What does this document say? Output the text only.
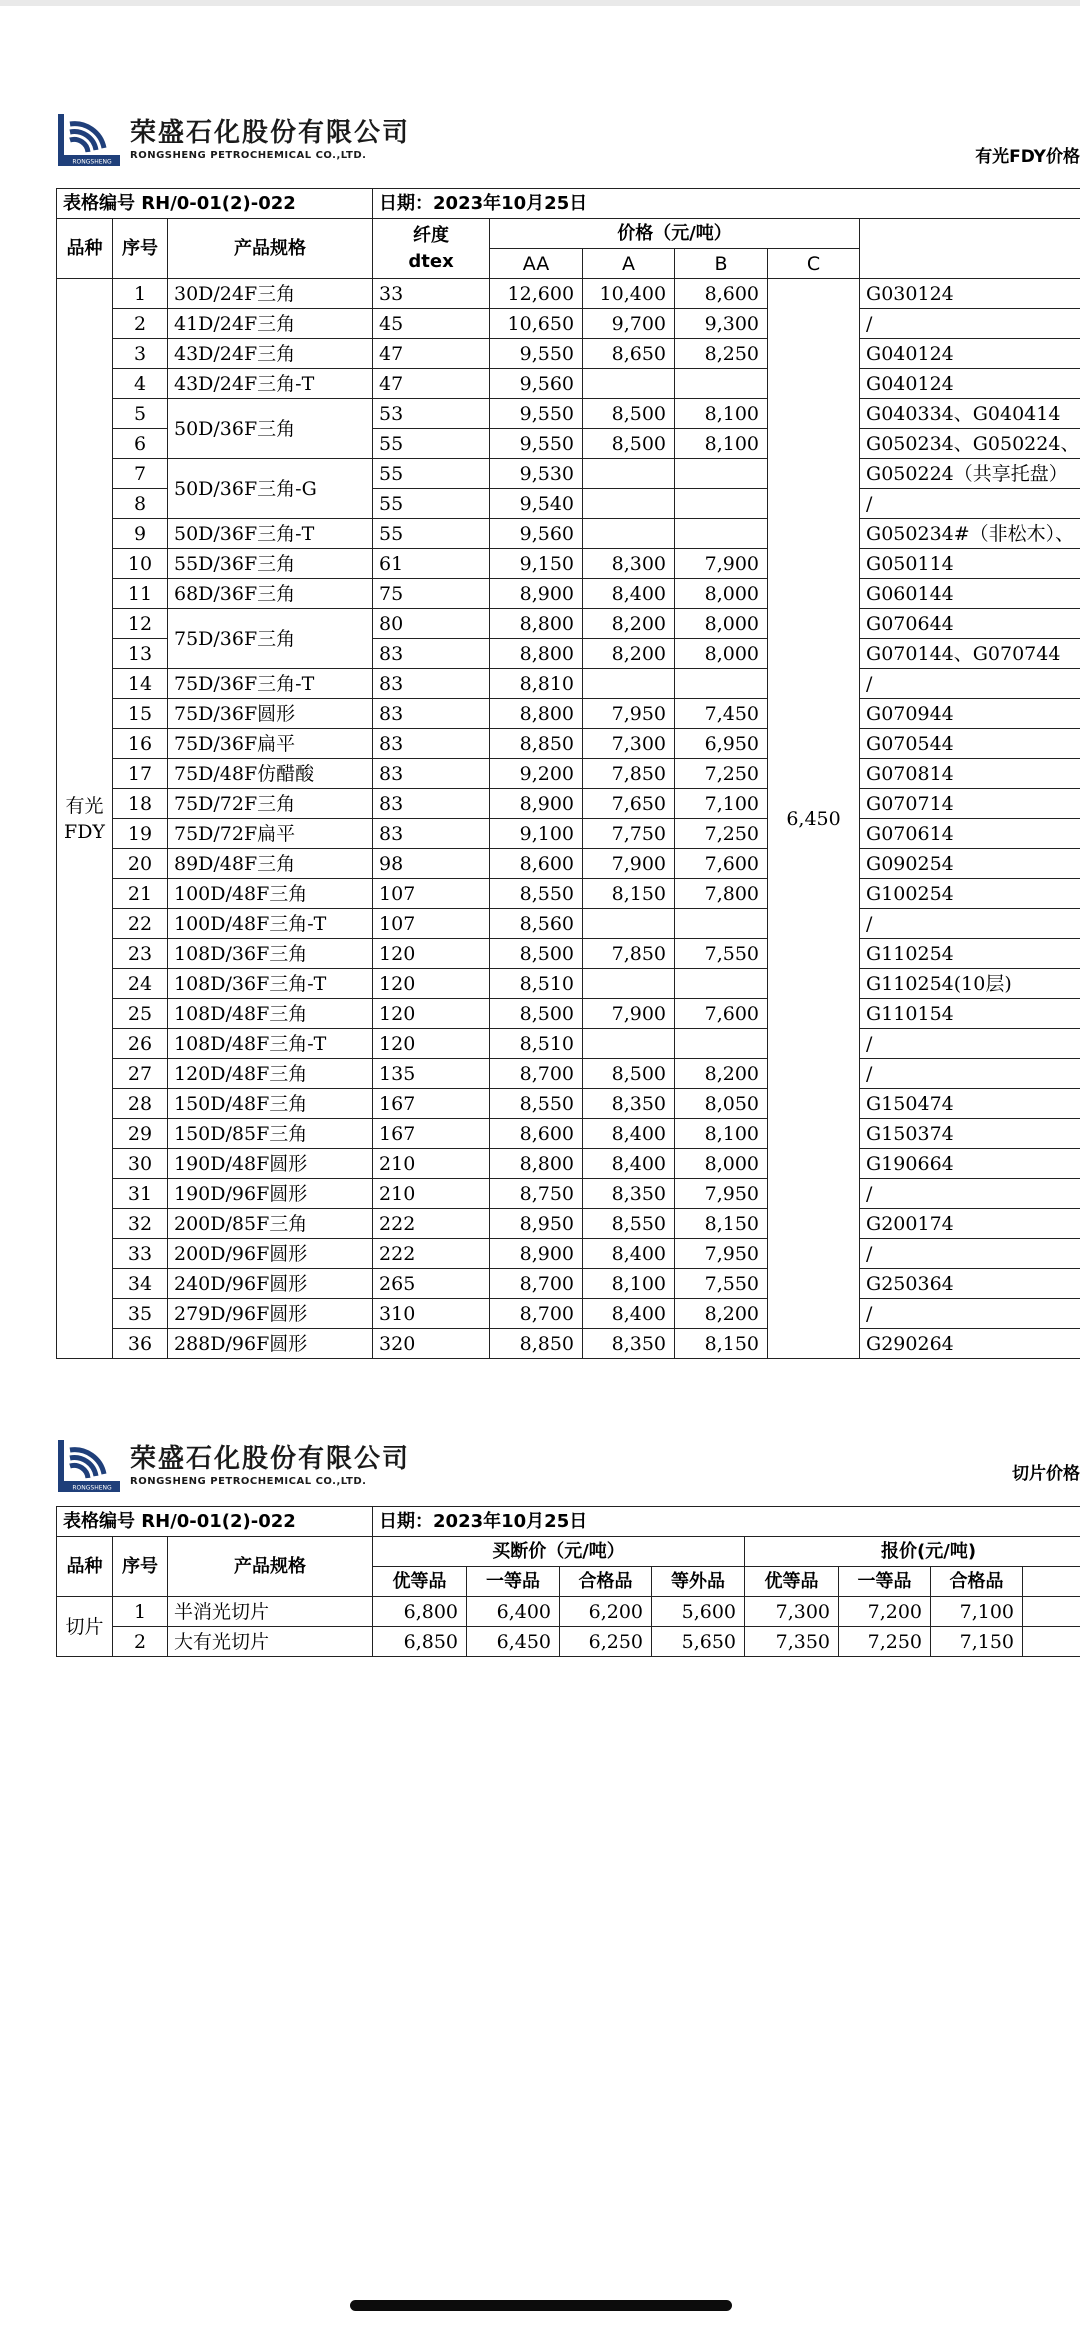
RONGSHENG
荣盛石化股份有限公司
RONGSHENG PETROCHEMICAL CO.,LTD.	有光FDY价格
表格编号 RH/0-01(2)-022			日期：2023年10月25日					
品种	序号	产品规格	纤度
dtex	价格（元/吨）				
				AA	A	B	C	
有光
FDY	1	30D/24F三角	33	12,600	10,400	8,600	6,450	G030124
	2	41D/24F三角	45	10,650	9,700	9,300		/
	3	43D/24F三角	47	9,550	8,650	8,250		G040124
	4	43D/24F三角-T	47	9,560				G040124
	5	50D/36F三角	53	9,550	8,500	8,100		G040334、G040414
	6		55	9,550	8,500	8,100		G050234、G050224、
	7	50D/36F三角-G	55	9,530				G050224（共享托盘）
	8		55	9,540				/
	9	50D/36F三角-T	55	9,560				G050234#（非松木）、
	10	55D/36F三角	61	9,150	8,300	7,900		G050114
	11	68D/36F三角	75	8,900	8,400	8,000		G060144
	12	75D/36F三角	80	8,800	8,200	8,000		G070644
	13		83	8,800	8,200	8,000		G070144、G070744
	14	75D/36F三角-T	83	8,810				/
	15	75D/36F圆形	83	8,800	7,950	7,450		G070944
	16	75D/36F扁平	83	8,850	7,300	6,950		G070544
	17	75D/48F仿醋酸	83	9,200	7,850	7,250		G070814
	18	75D/72F三角	83	8,900	7,650	7,100		G070714
	19	75D/72F扁平	83	9,100	7,750	7,250		G070614
	20	89D/48F三角	98	8,600	7,900	7,600		G090254
	21	100D/48F三角	107	8,550	8,150	7,800		G100254
	22	100D/48F三角-T	107	8,560				/
	23	108D/36F三角	120	8,500	7,850	7,550		G110254
	24	108D/36F三角-T	120	8,510				G110254(10层)
	25	108D/48F三角	120	8,500	7,900	7,600		G110154
	26	108D/48F三角-T	120	8,510				/
	27	120D/48F三角	135	8,700	8,500	8,200		/
	28	150D/48F三角	167	8,550	8,350	8,050		G150474
	29	150D/85F三角	167	8,600	8,400	8,100		G150374
	30	190D/48F圆形	210	8,800	8,400	8,000		G190664
	31	190D/96F圆形	210	8,750	8,350	7,950		/
	32	200D/85F三角	222	8,950	8,550	8,150		G200174
	33	200D/96F圆形	222	8,900	8,400	7,950		/
	34	240D/96F圆形	265	8,700	8,100	7,550		G250364
	35	279D/96F圆形	310	8,700	8,400	8,200		/
	36	288D/96F圆形	320	8,850	8,350	8,150		G290264
RONGSHENG
荣盛石化股份有限公司
RONGSHENG PETROCHEMICAL CO.,LTD.	切片价格
表格编号 RH/0-01(2)-022			日期：2023年10月25日							
品种	序号	产品规格	买断价（元/吨）				报价(元/吨)			
			优等品	一等品	合格品	等外品	优等品	一等品	合格品	
切片	1	半消光切片	6,800	6,400	6,200	5,600	7,300	7,200	7,100	
	2	大有光切片	6,850	6,450	6,250	5,650	7,350	7,250	7,150	
